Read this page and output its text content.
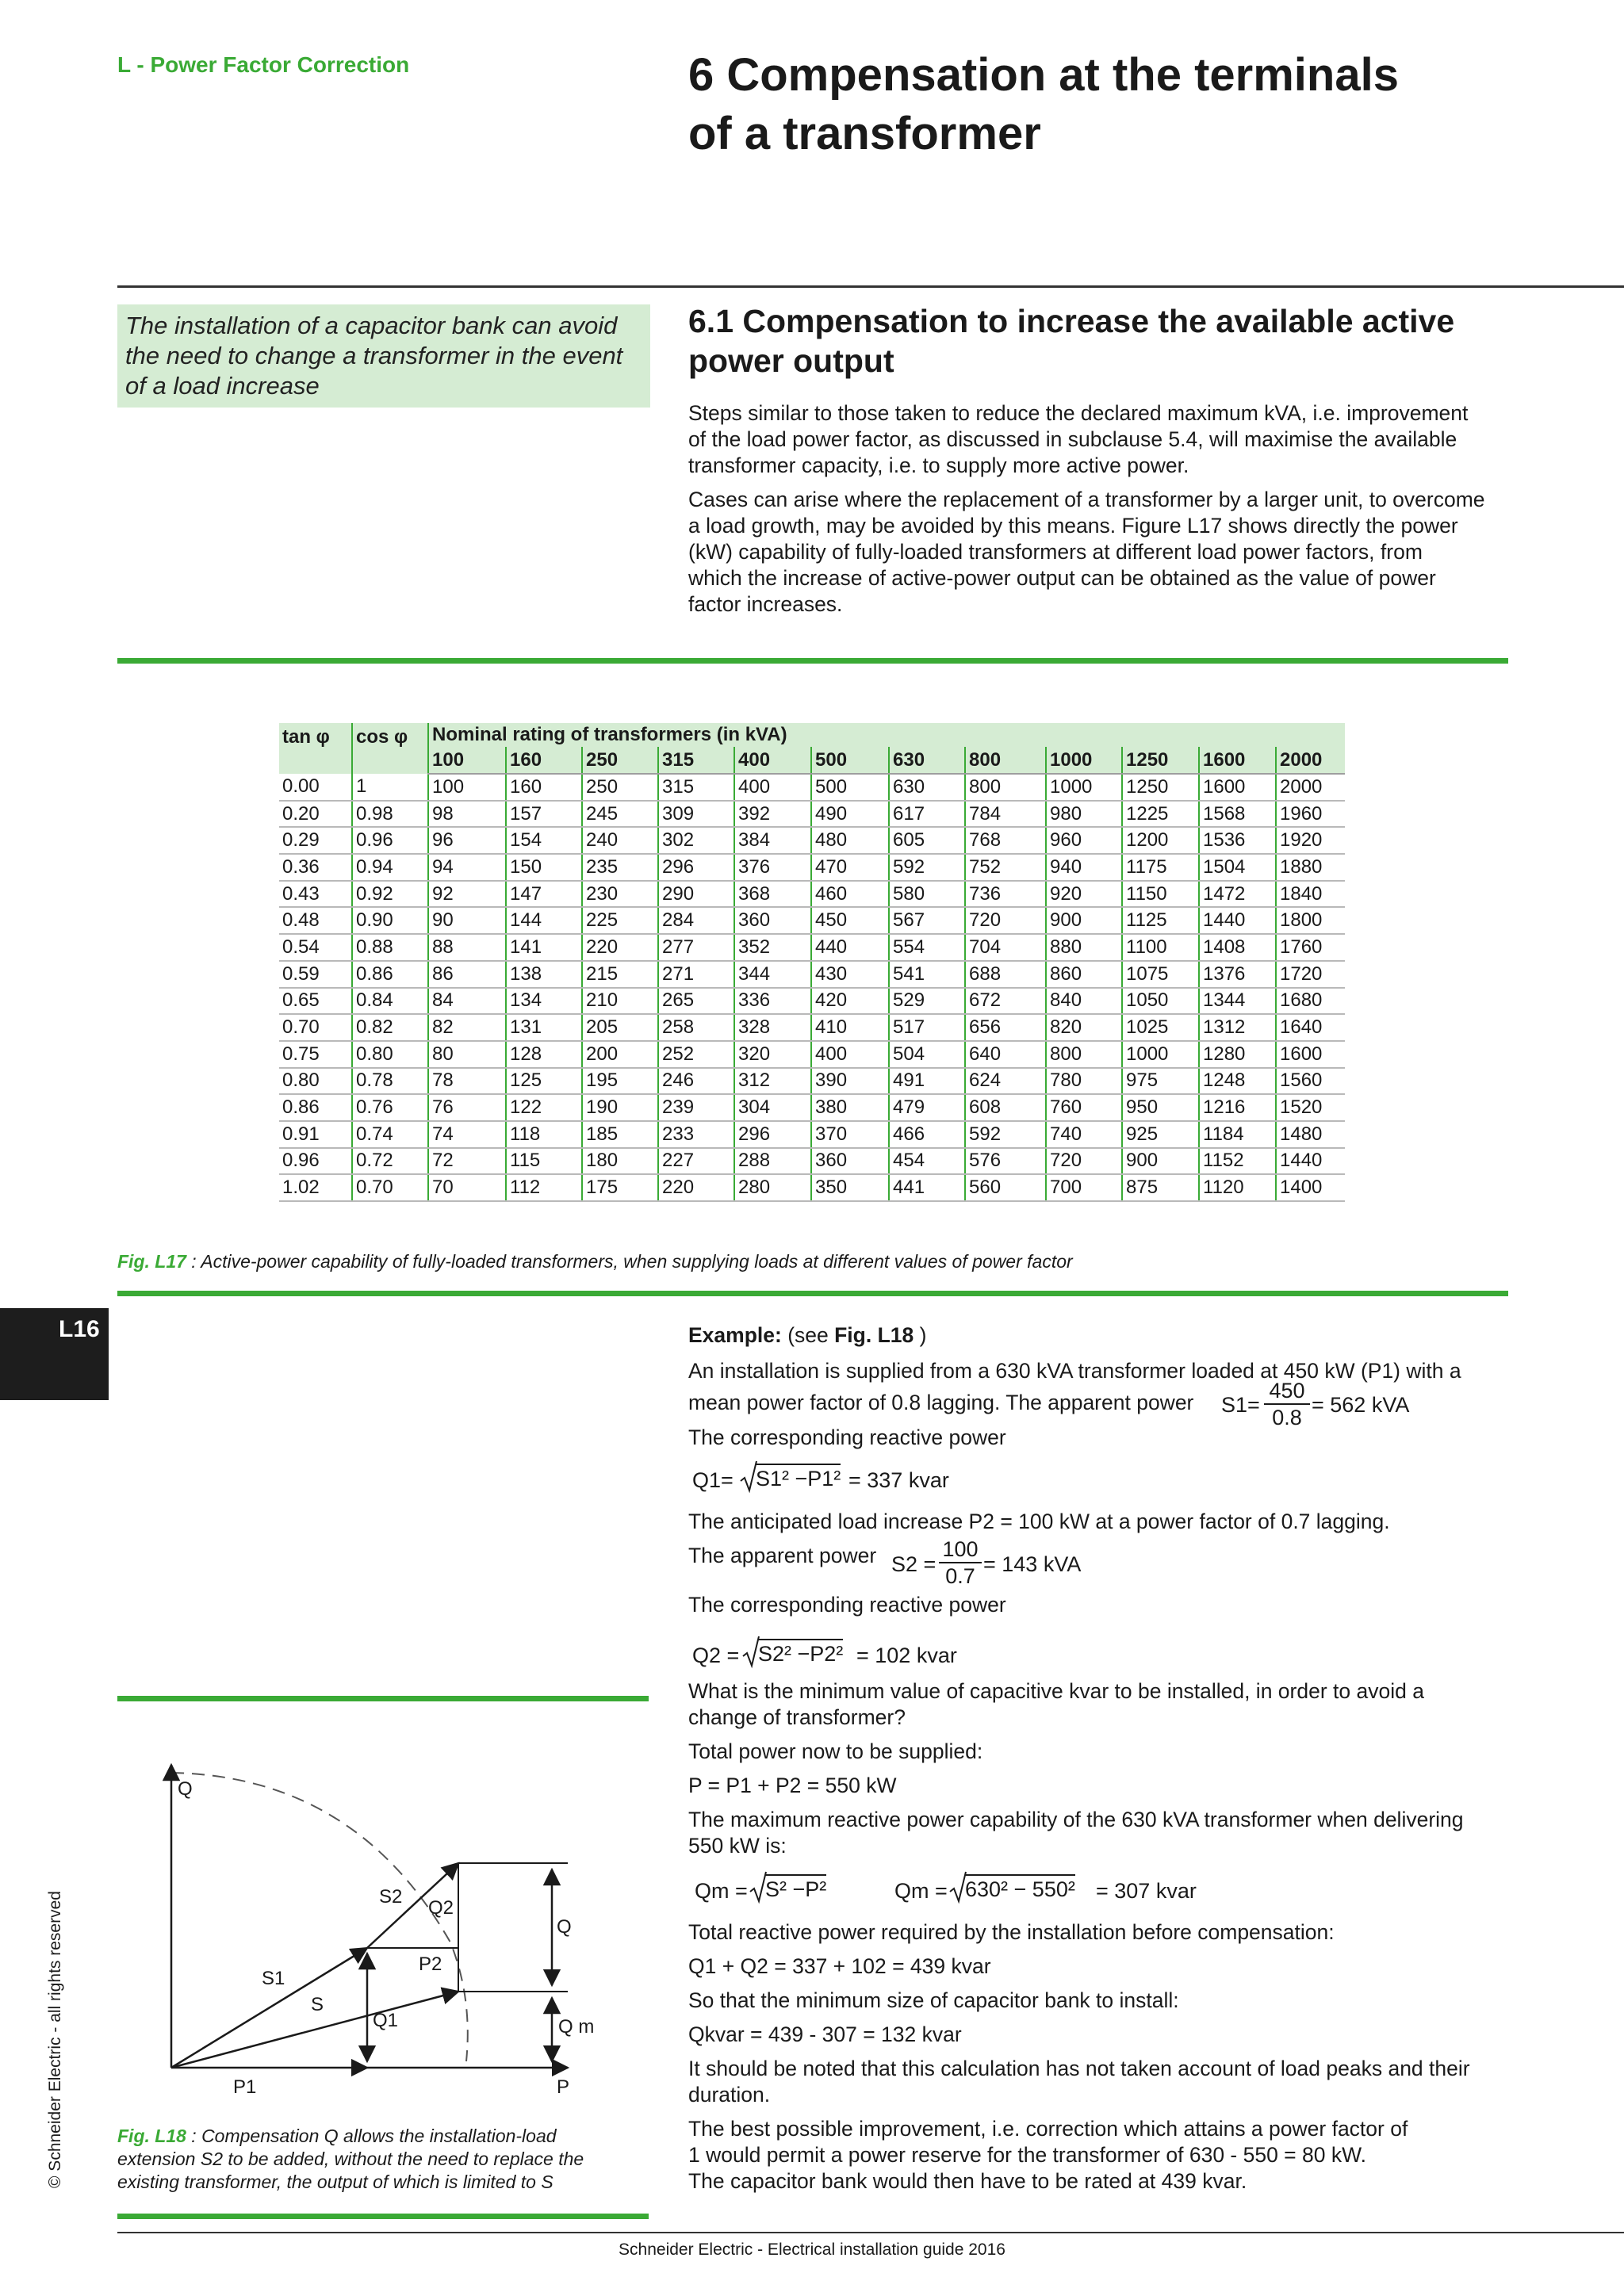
L - Power Factor Correction	6 Compensation at the terminals
of a transformer
The installation of a capacitor bank can avoid the need to change a transformer in the event of a load increase
6.1 Compensation to increase the available active
power output
Steps similar to those taken to reduce the declared maximum kVA, i.e. improvement
of the load power factor, as discussed in subclause 5.4, will maximise the available
transformer capacity, i.e. to supply more active power.
Cases can arise where the replacement of a transformer by a larger unit, to overcome
a load growth, may be avoided by this means. Figure L17 shows directly the power
(kW) capability of fully-loaded transformers at different load power factors, from
which the increase of active-power output can be obtained as the value of power
factor increases.
tan φ	cos φ	Nominal rating of transformers (in kVA)											
		100	160	250	315	400	500	630	800	1000	1250	1600	2000
0.00	1	100	160	250	315	400	500	630	800	1000	1250	1600	2000
0.20	0.98	98	157	245	309	392	490	617	784	980	1225	1568	1960
0.29	0.96	96	154	240	302	384	480	605	768	960	1200	1536	1920
0.36	0.94	94	150	235	296	376	470	592	752	940	1175	1504	1880
0.43	0.92	92	147	230	290	368	460	580	736	920	1150	1472	1840
0.48	0.90	90	144	225	284	360	450	567	720	900	1125	1440	1800
0.54	0.88	88	141	220	277	352	440	554	704	880	1100	1408	1760
0.59	0.86	86	138	215	271	344	430	541	688	860	1075	1376	1720
0.65	0.84	84	134	210	265	336	420	529	672	840	1050	1344	1680
0.70	0.82	82	131	205	258	328	410	517	656	820	1025	1312	1640
0.75	0.80	80	128	200	252	320	400	504	640	800	1000	1280	1600
0.80	0.78	78	125	195	246	312	390	491	624	780	975	1248	1560
0.86	0.76	76	122	190	239	304	380	479	608	760	950	1216	1520
0.91	0.74	74	118	185	233	296	370	466	592	740	925	1184	1480
0.96	0.72	72	115	180	227	288	360	454	576	720	900	1152	1440
1.02	0.70	70	112	175	220	280	350	441	560	700	875	1120	1400
Fig. L17 : Active-power capability of fully-loaded transformers, when supplying loads at different values of power factor
L16	Example: (see Fig. L18 )
An installation is supplied from a 630 kVA transformer loaded at 450 kW (P1) with a
mean power factor of 0.8 lagging. The apparent power $S1= \frac{450}{0.8} = 562$ kVA
The corresponding reactive power
Q1= S1² −P1² = 337 kvar
The anticipated load increase P2 = 100 kW at a power factor of 0.7 lagging.
The apparent power $S2 = \frac{100}{0.7} = 143$ kVA
The corresponding reactive power
Q2 = S2² −P2² = 102 kvar
What is the minimum value of capacitive kvar to be installed, in order to avoid a
change of transformer?
Total power now to be supplied:
P = P1 + P2 = 550 kW
The maximum reactive power capability of the 630 kVA transformer when delivering
550 kW is:
Qm = S² −P²	Qm = 630² − 550² = 307 kvar
Total reactive power required by the installation before compensation:
Q1 + Q2 = 337 + 102 = 439 kvar
So that the minimum size of capacitor bank to install:
Qkvar = 439 - 307 = 132 kvar
It should be noted that this calculation has not taken account of load peaks and their
duration.
The best possible improvement, i.e. correction which attains a power factor of
1 would permit a power reserve for the transformer of 630 - 550 = 80 kW.
The capacitor bank would then have to be rated at 439 kvar.
Q
S2
Q2
Q
P2
S1
S
Q1	Q m
P1	P
Fig. L18 : Compensation Q allows the installation-load extension S2 to be added, without the need to replace the existing transformer, the output of which is limited to S
© Schneider Electric - all rights reserved
Schneider Electric - Electrical installation guide 2016
